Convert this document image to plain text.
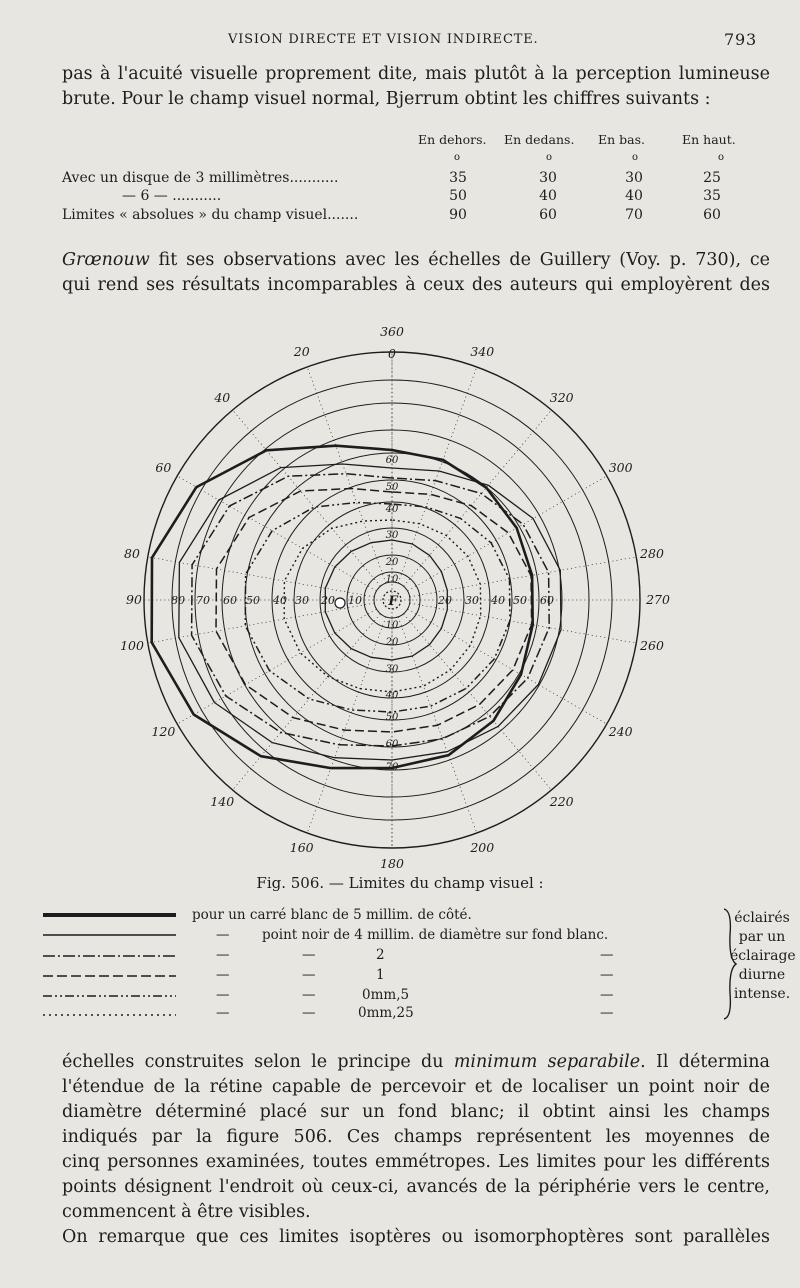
VISION DIRECTE ET VISION INDIRECTE.	793
pas à l'acuité visuelle proprement dite, mais plutôt à la perception lumineuse
brute. Pour le champ visuel normal, Bjerrum obtint les chiffres suivants :
En dehors. En dedans. En bas.	En haut.
o	o	o	o
Avec un disque de 3 millimètres...........	35	30	30	25
— 6 — ...........	50	40	40	35
Limites « absolues » du champ visuel.......	90	60	70	60
Grœnouw fit ses observations avec les échelles de Guillery (Voy. p. 730), ce
qui rend ses résultats incomparables à ceux des auteurs qui employèrent des
360
0
20
40
60
80
90
100
120
140
160
180
200
220
240
260
270
280
300
320
340
80 70 60 50 40 30 20 10	20 30 40 50 60
60
50
40
30
20
10
10
20
30
40
50
60
70
F
Fig. 506. — Limites du champ visuel :
pour un carré blanc de 5 millim. de côté.
— point noir de 4 millim. de diamètre sur fond blanc.
—	—	2	—
—	—	1	—
—	—	0mm,5	—
—	—	0mm,25	—
éclairés
par un
éclairage
diurne
intense.
échelles construites selon le principe du minimum separabile. Il détermina
l'étendue de la rétine capable de percevoir et de localiser un point noir de
diamètre déterminé placé sur un fond blanc; il obtint ainsi les champs
indiqués par la figure 506. Ces champs représentent les moyennes de
cinq personnes examinées, toutes emmétropes. Les limites pour les différents
points désignent l'endroit où ceux-ci, avancés de la périphérie vers le centre,
commencent à être visibles.
On remarque que ces limites isoptères ou isomorphoptères sont parallèles
